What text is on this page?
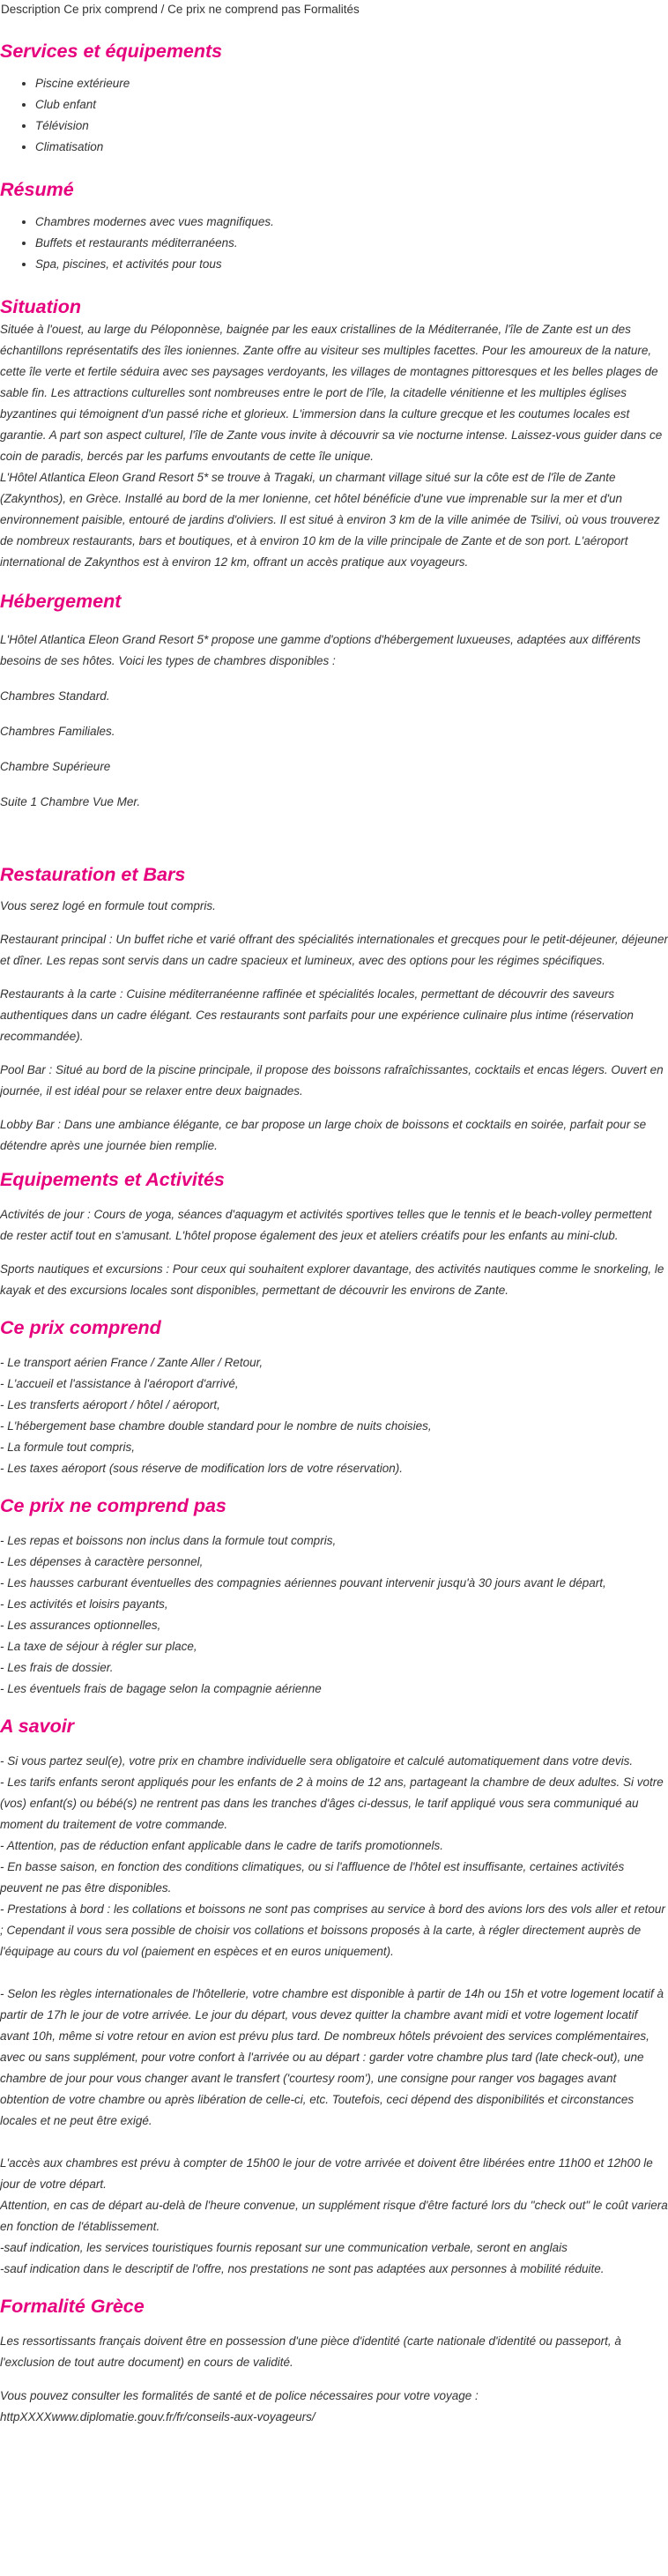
Description Ce prix comprend / Ce prix ne comprend pas Formalités
Services et équipements
• Piscine extérieure
• Club enfant
• Télévision
• Climatisation
Résumé
• Chambres modernes avec vues magnifiques.
• Buffets et restaurants méditerranéens.
• Spa, piscines, et activités pour tous
Situation

Située à l'ouest, au large du Péloponnèse, baignée par les eaux cristallines de la Méditerranée, l'île de Zante est un des échantillons représentatifs des îles ioniennes. Zante offre au visiteur ses multiples facettes. Pour les amoureux de la nature, cette île verte et fertile séduira avec ses paysages verdoyants, les villages de montagnes pittoresques et les belles plages de sable fin. Les attractions culturelles sont nombreuses entre le port de l'île, la citadelle vénitienne et les multiples églises byzantines qui témoignent d'un passé riche et glorieux. L'immersion dans la culture grecque et les coutumes locales est garantie. A part son aspect culturel, l'île de Zante vous invite à découvrir sa vie nocturne intense. Laissez-vous guider dans ce coin de paradis, bercés par les parfums envoutants de cette île unique.

L'Hôtel Atlantica Eleon Grand Resort 5* se trouve à Tragaki, un charmant village situé sur la côte est de l'île de Zante (Zakynthos), en Grèce. Installé au bord de la mer Ionienne, cet hôtel bénéficie d'une vue imprenable sur la mer et d'un environnement paisible, entouré de jardins d'oliviers. Il est situé à environ 3 km de la ville animée de Tsilivi, où vous trouverez de nombreux restaurants, bars et boutiques, et à environ 10 km de la ville principale de Zante et de son port. L'aéroport international de Zakynthos est à environ 12 km, offrant un accès pratique aux voyageurs.

Hébergement

L'Hôtel Atlantica Eleon Grand Resort 5* propose une gamme d'options d'hébergement luxueuses, adaptées aux différents besoins de ses hôtes. Voici les types de chambres disponibles :

Chambres Standard.

Chambres Familiales.

Chambre Supérieure

Suite 1 Chambre Vue Mer.

Restauration et Bars

Vous serez logé en formule tout compris.

Restaurant principal : Un buffet riche et varié offrant des spécialités internationales et grecques pour le petit-déjeuner, déjeuner et dîner. Les repas sont servis dans un cadre spacieux et lumineux, avec des options pour les régimes spécifiques.

Restaurants à la carte : Cuisine méditerranéenne raffinée et spécialités locales, permettant de découvrir des saveurs authentiques dans un cadre élégant. Ces restaurants sont parfaits pour une expérience culinaire plus intime (réservation recommandée).

Pool Bar : Situé au bord de la piscine principale, il propose des boissons rafraîchissantes, cocktails et encas légers. Ouvert en journée, il est idéal pour se relaxer entre deux baignades.

Lobby Bar : Dans une ambiance élégante, ce bar propose un large choix de boissons et cocktails en soirée, parfait pour se détendre après une journée bien remplie.

Equipements et Activités

Activités de jour : Cours de yoga, séances d'aquagym et activités sportives telles que le tennis et le beach-volley permettent de rester actif tout en s'amusant. L'hôtel propose également des jeux et ateliers créatifs pour les enfants au mini-club.

Sports nautiques et excursions : Pour ceux qui souhaitent explorer davantage, des activités nautiques comme le snorkeling, le kayak et des excursions locales sont disponibles, permettant de découvrir les environs de Zante.

Ce prix comprend
- Le transport aérien France / Zante Aller / Retour,
- L'accueil et l'assistance à l'aéroport d'arrivé,
- Les transferts aéroport / hôtel / aéroport,
- L'hébergement base chambre double standard pour le nombre de nuits choisies,
- La formule tout compris,
- Les taxes aéroport (sous réserve de modification lors de votre réservation).
Ce prix ne comprend pas
- Les repas et boissons non inclus dans la formule tout compris,
- Les dépenses à caractère personnel,
- Les hausses carburant éventuelles des compagnies aériennes pouvant intervenir jusqu'à 30 jours avant le départ,
- Les activités et loisirs payants,
- Les assurances optionnelles,
- La taxe de séjour à régler sur place,
- Les frais de dossier.
- Les éventuels frais de bagage selon la compagnie aérienne
A savoir
- Si vous partez seul(e), votre prix en chambre individuelle sera obligatoire et calculé automatiquement dans votre devis.
- Les tarifs enfants seront appliqués pour les enfants de 2 à moins de 12 ans, partageant la chambre de deux adultes. Si votre (vos) enfant(s) ou bébé(s) ne rentrent pas dans les tranches d'âges ci-dessus, le tarif appliqué vous sera communiqué au moment du traitement de votre commande.
- Attention, pas de réduction enfant applicable dans le cadre de tarifs promotionnels.
- En basse saison, en fonction des conditions climatiques, ou si l'affluence de l'hôtel est insuffisante, certaines activités peuvent ne pas être disponibles.
- Prestations à bord : les collations et boissons ne sont pas comprises au service à bord des avions lors des vols aller et retour ; Cependant il vous sera possible de choisir vos collations et boissons proposés à la carte, à régler directement auprès de l'équipage au cours du vol (paiement en espèces et en euros uniquement).

- Selon les règles internationales de l'hôtellerie, votre chambre est disponible à partir de 14h ou 15h et votre logement locatif à partir de 17h le jour de votre arrivée. Le jour du départ, vous devez quitter la chambre avant midi et votre logement locatif avant 10h, même si votre retour en avion est prévu plus tard. De nombreux hôtels prévoient des services complémentaires, avec ou sans supplément, pour votre confort à l'arrivée ou au départ : garder votre chambre plus tard (late check-out), une chambre de jour pour vous changer avant le transfert ('courtesy room'), une consigne pour ranger vos bagages avant obtention de votre chambre ou après libération de celle-ci, etc. Toutefois, ceci dépend des disponibilités et circonstances locales et ne peut être exigé.

L'accès aux chambres est prévu à compter de 15h00 le jour de votre arrivée et doivent être libérées entre 11h00 et 12h00 le jour de votre départ.
Attention, en cas de départ au-delà de l'heure convenue, un supplément risque d'être facturé lors du "check out" le coût variera en fonction de l'établissement.
-sauf indication, les services touristiques fournis reposant sur une communication verbale, seront en anglais
-sauf indication dans le descriptif de l'offre, nos prestations ne sont pas adaptées aux personnes à mobilité réduite.
Formalité Grèce

Les ressortissants français doivent être en possession d'une pièce d'identité (carte nationale d'identité ou passeport, à l'exclusion de tout autre document) en cours de validité.

Vous pouvez consulter les formalités de santé et de police nécessaires pour votre voyage :

httpXXXXwww.diplomatie.gouv.fr/fr/conseils-aux-voyageurs/
